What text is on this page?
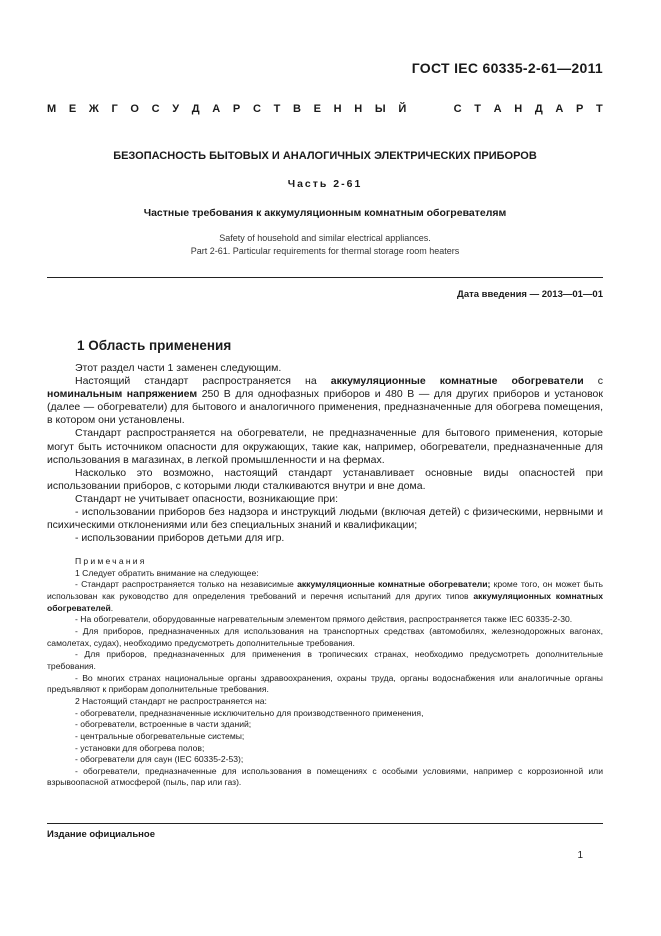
ГОСТ IEC 60335-2-61—2011
М Е Ж Г О С У Д А Р С Т В Е Н Н Ы Й	С Т А Н Д А Р Т
БЕЗОПАСНОСТЬ БЫТОВЫХ И АНАЛОГИЧНЫХ ЭЛЕКТРИЧЕСКИХ ПРИБОРОВ
Часть 2-61
Частные требования к аккумуляционным комнатным обогревателям
Safety of household and similar electrical appliances.
Part 2-61. Particular requirements for thermal storage room heaters
Дата введения — 2013—01—01
1 Область применения

Этот раздел части 1 заменен следующим.

Настоящий стандарт распространяется на аккумуляционные комнатные обогреватели с номинальным напряжением 250 В для однофазных приборов и 480 В — для других приборов и установок (далее — обогреватели) для бытового и аналогичного применения, предназначенные для обогрева помещения, в котором они установлены.

Стандарт распространяется на обогреватели, не предназначенные для бытового применения, которые могут быть источником опасности для окружающих, такие как, например, обогреватели, предназначенные для использования в магазинах, в легкой промышленности и на фермах.

Насколько это возможно, настоящий стандарт устанавливает основные виды опасностей при использовании приборов, с которыми люди сталкиваются внутри и вне дома.

Стандарт не учитывает опасности, возникающие при:

- использовании приборов без надзора и инструкций людьми (включая детей) с физическими, нервными и психическими отклонениями или без специальных знаний и квалификации;

- использовании приборов детьми для игр.

Примечания

1 Следует обратить внимание на следующее:

- Стандарт распространяется только на независимые аккумуляционные комнатные обогреватели; кроме того, он может быть использован как руководство для определения требований и перечня испытаний для других типов аккумуляционных комнатных обогревателей.

- На обогреватели, оборудованные нагревательным элементом прямого действия, распространяется также IEC 60335-2-30.

- Для приборов, предназначенных для использования на транспортных средствах (автомобилях, железнодорожных вагонах, самолетах, судах), необходимо предусмотреть дополнительные требования.

- Для приборов, предназначенных для применения в тропических странах, необходимо предусмотреть дополнительные требования.

- Во многих странах национальные органы здравоохранения, охраны труда, органы водоснабжения или аналогичные органы предъявляют к приборам дополнительные требования.

2 Настоящий стандарт не распространяется на:

- обогреватели, предназначенные исключительно для производственного применения,

- обогреватели, встроенные в части зданий;

- центральные обогревательные системы;

- установки для обогрева полов;

- обогреватели для саун (IEC 60335-2-53);

- обогреватели, предназначенные для использования в помещениях с особыми условиями, например с коррозионной или взрывоопасной атмосферой (пыль, пар или газ).

Издание официальное
1
